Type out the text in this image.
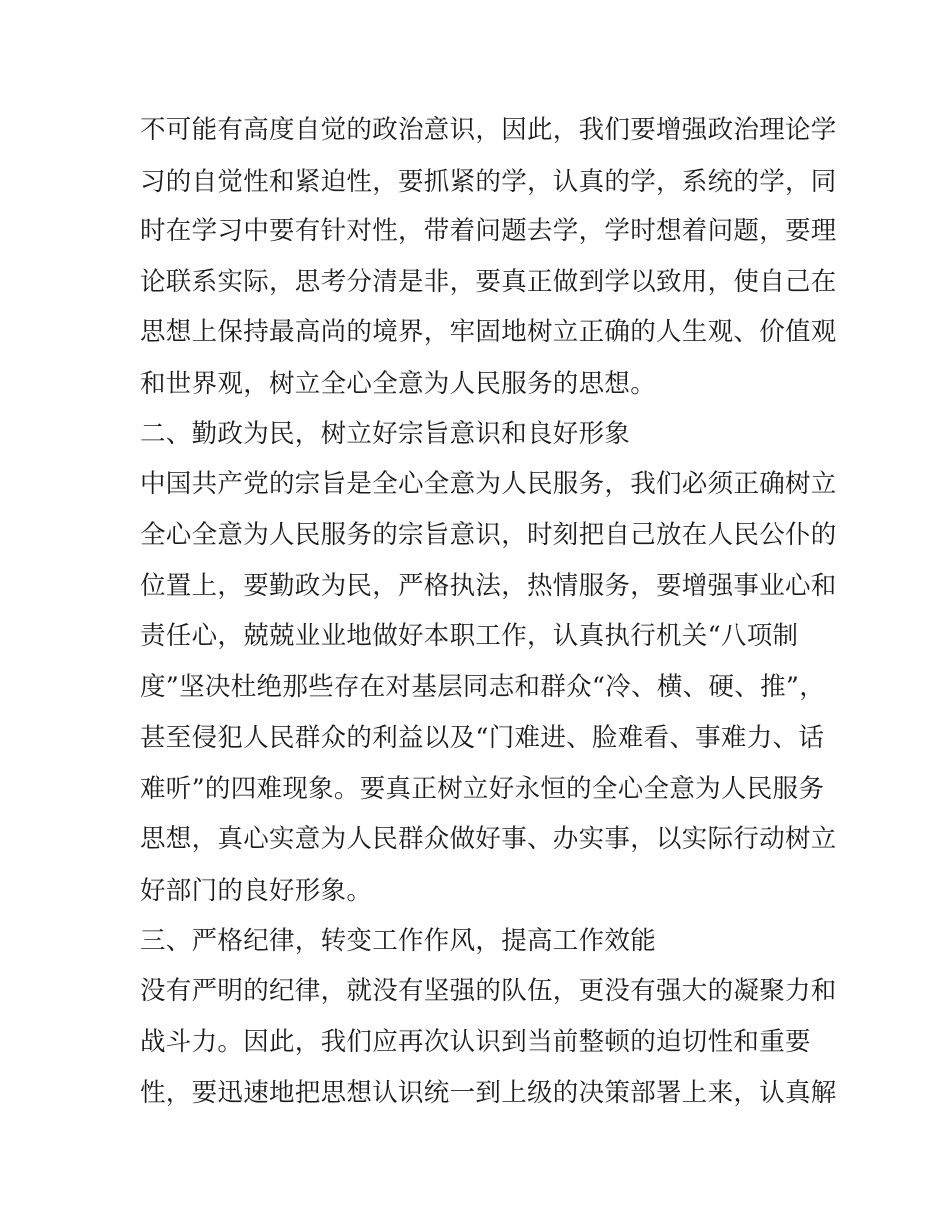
不可能有高度自觉的政治意识，因此，我们要增强政治理论学
习的自觉性和紧迫性，要抓紧的学，认真的学，系统的学，同
时在学习中要有针对性，带着问题去学，学时想着问题，要理
论联系实际，思考分清是非，要真正做到学以致用，使自己在
思想上保持最高尚的境界，牢固地树立正确的人生观、价值观
和世界观，树立全心全意为人民服务的思想。
二、勤政为民，树立好宗旨意识和良好形象
中国共产党的宗旨是全心全意为人民服务，我们必须正确树立
全心全意为人民服务的宗旨意识，时刻把自己放在人民公仆的
位置上，要勤政为民，严格执法，热情服务，要增强事业心和
责任心，兢兢业业地做好本职工作，认真执行机关“八项制
度”坚决杜绝那些存在对基层同志和群众“冷、横、硬、推”，
甚至侵犯人民群众的利益以及“门难进、脸难看、事难力、话
难听”的四难现象。要真正树立好永恒的全心全意为人民服务
思想，真心实意为人民群众做好事、办实事，以实际行动树立
好部门的良好形象。
三、严格纪律，转变工作作风，提高工作效能
没有严明的纪律，就没有坚强的队伍，更没有强大的凝聚力和
战斗力。因此，我们应再次认识到当前整顿的迫切性和重要
性，要迅速地把思想认识统一到上级的决策部署上来，认真解
